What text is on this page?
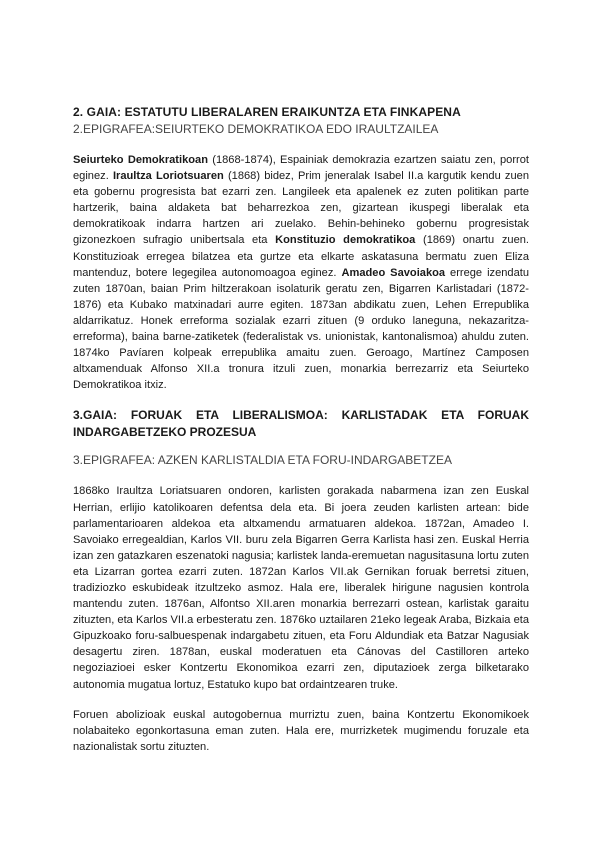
2. GAIA: ESTATUTU LIBERALAREN ERAIKUNTZA ETA FINKAPENA
2.EPIGRAFEA:SEIURTEKO DEMOKRATIKOA EDO IRAULTZAILEA

Seiurteko Demokratikoan (1868-1874), Espainiak demokrazia ezartzen saiatu zen, porrot eginez. Iraultza Loriotsuaren (1868) bidez, Prim jeneralak Isabel II.a kargutik kendu zuen eta gobernu progresista bat ezarri zen. Langileek eta apalenek ez zuten politikan parte hartzerik, baina aldaketa bat beharrezkoa zen, gizartean ikuspegi liberalak eta demokratikoak indarra hartzen ari zuelako. Behin-behineko gobernu progresistak gizonezkoen sufragio unibertsala eta Konstituzio demokratikoa (1869) onartu zuen. Konstituzioak erregea bilatzea eta gurtze eta elkarte askatasuna bermatu zuen Eliza mantenduz, botere legegilea autonomoagoa eginez. Amadeo Savoiakoa errege izendatu zuten 1870an, baian Prim hiltzerakoan isolaturik geratu zen, Bigarren Karlistadari (1872-1876) eta Kubako matxinadari aurre egiten. 1873an abdikatu zuen, Lehen Errepublika aldarrikatuz. Honek erreforma sozialak ezarri zituen (9 orduko laneguna, nekazaritza-erreforma), baina barne-zatiketek (federalistak vs. unionistak, kantonalismoa) ahuldu zuten. 1874ko Pavíaren kolpeak errepublika amaitu zuen. Geroago, Martínez Camposen altxamenduak Alfonso XII.a tronura itzuli zuen, monarkia berrezarriz eta Seiurteko Demokratikoa itxiz.

3.GAIA: FORUAK ETA LIBERALISMOA: KARLISTADAK ETA FORUAK INDARGABETZEKO PROZESUA
3.EPIGRAFEA: AZKEN KARLISTALDIA ETA FORU-INDARGABETZEA

1868ko Iraultza Loriatsuaren ondoren, karlisten gorakada nabarmena izan zen Euskal Herrian, erlijio katolikoaren defentsa dela eta. Bi joera zeuden karlisten artean: bide parlamentarioaren aldekoa eta altxamendu armatuaren aldekoa. 1872an, Amadeo I. Savoiako erregealdian, Karlos VII. buru zela Bigarren Gerra Karlista hasi zen. Euskal Herria izan zen gatazkaren eszenatoki nagusia; karlistek landa-eremuetan nagusitasuna lortu zuten eta Lizarran gortea ezarri zuten. 1872an Karlos VII.ak Gernikan foruak berretsi zituen, tradiziozko eskubideak itzultzeko asmoz. Hala ere, liberalek hirigune nagusien kontrola mantendu zuten. 1876an, Alfontso XII.aren monarkia berrezarri ostean, karlistak garaitu zituzten, eta Karlos VII.a erbesteratu zen. 1876ko uztailaren 21eko legeak Araba, Bizkaia eta Gipuzkoako foru-salbuespenak indargabetu zituen, eta Foru Aldundiak eta Batzar Nagusiak desagertu ziren. 1878an, euskal moderatuen eta Cánovas del Castilloren arteko negoziazioei esker Kontzertu Ekonomikoa ezarri zen, diputazioek zerga bilketarako autonomia mugatua lortuz, Estatuko kupo bat ordaintzearen truke.

Foruen abolizioak euskal autogobernua murriztu zuen, baina Kontzertu Ekonomikoek nolabaiteko egonkortasuna eman zuten. Hala ere, murrizketek mugimendu foruzale eta nazionalistak sortu zituzten.
